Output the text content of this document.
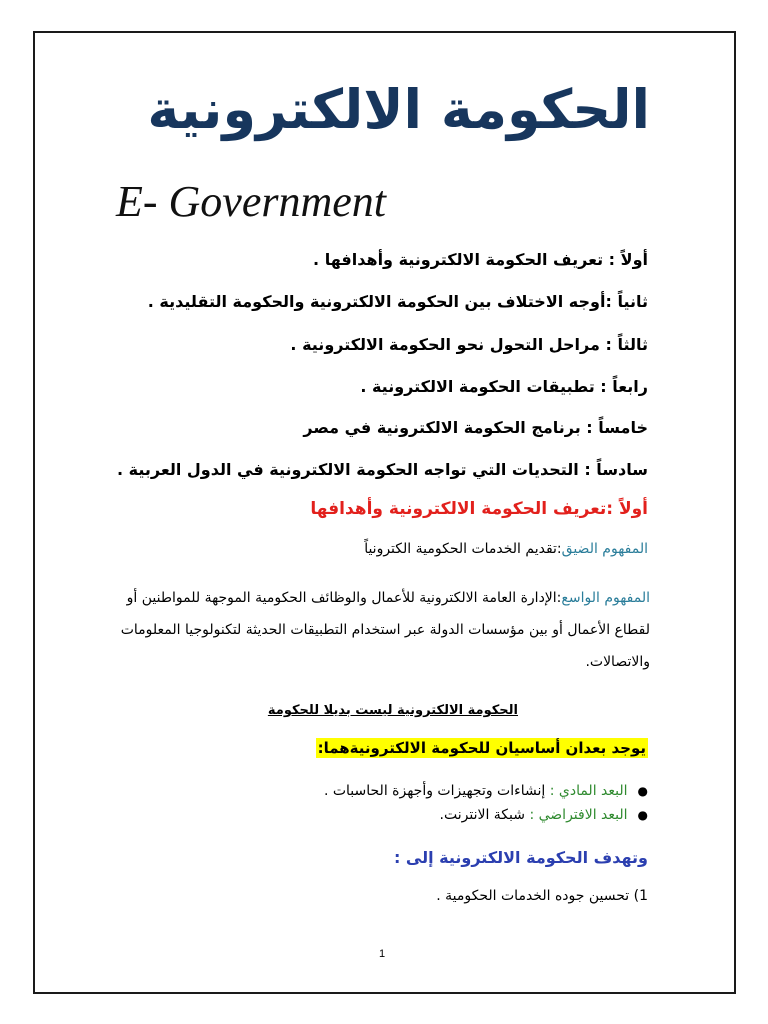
الحكومة الالكترونية
E- Government
أولاً : تعريف الحكومة الالكترونية وأهدافها .
ثانياً :أوجه الاختلاف بين الحكومة الالكترونية والحكومة التقليدية .
ثالثاً : مراحل التحول نحو الحكومة الالكترونية .
رابعاً : تطبيقات الحكومة الالكترونية .
خامساً : برنامج الحكومة الالكترونية في مصر
سادساً : التحديات التي تواجه الحكومة الالكترونية في الدول العربية .
أولاً :تعريف الحكومة الالكترونية وأهدافها
المفهوم الضيق:تقديم الخدمات الحكومية الكترونياً
المفهوم الواسع:الإدارة العامة الالكترونية للأعمال والوظائف الحكومية الموجهة للمواطنين أو لقطاع الأعمال أو بين مؤسسات الدولة عبر استخدام التطبيقات الحديثة لتكنولوجيا المعلومات والاتصالات.
الحكومة الالكترونية ليست بديلا للحكومة
يوجد بعدان أساسيان للحكومة الالكترونيةهما:
●البعد المادي : إنشاءات وتجهيزات وأجهزة الحاسبات .
●البعد الافتراضي : شبكة الانترنت.
وتهدف الحكومة الالكترونية إلى :
1) تحسين جوده الخدمات الحكومية .
1
